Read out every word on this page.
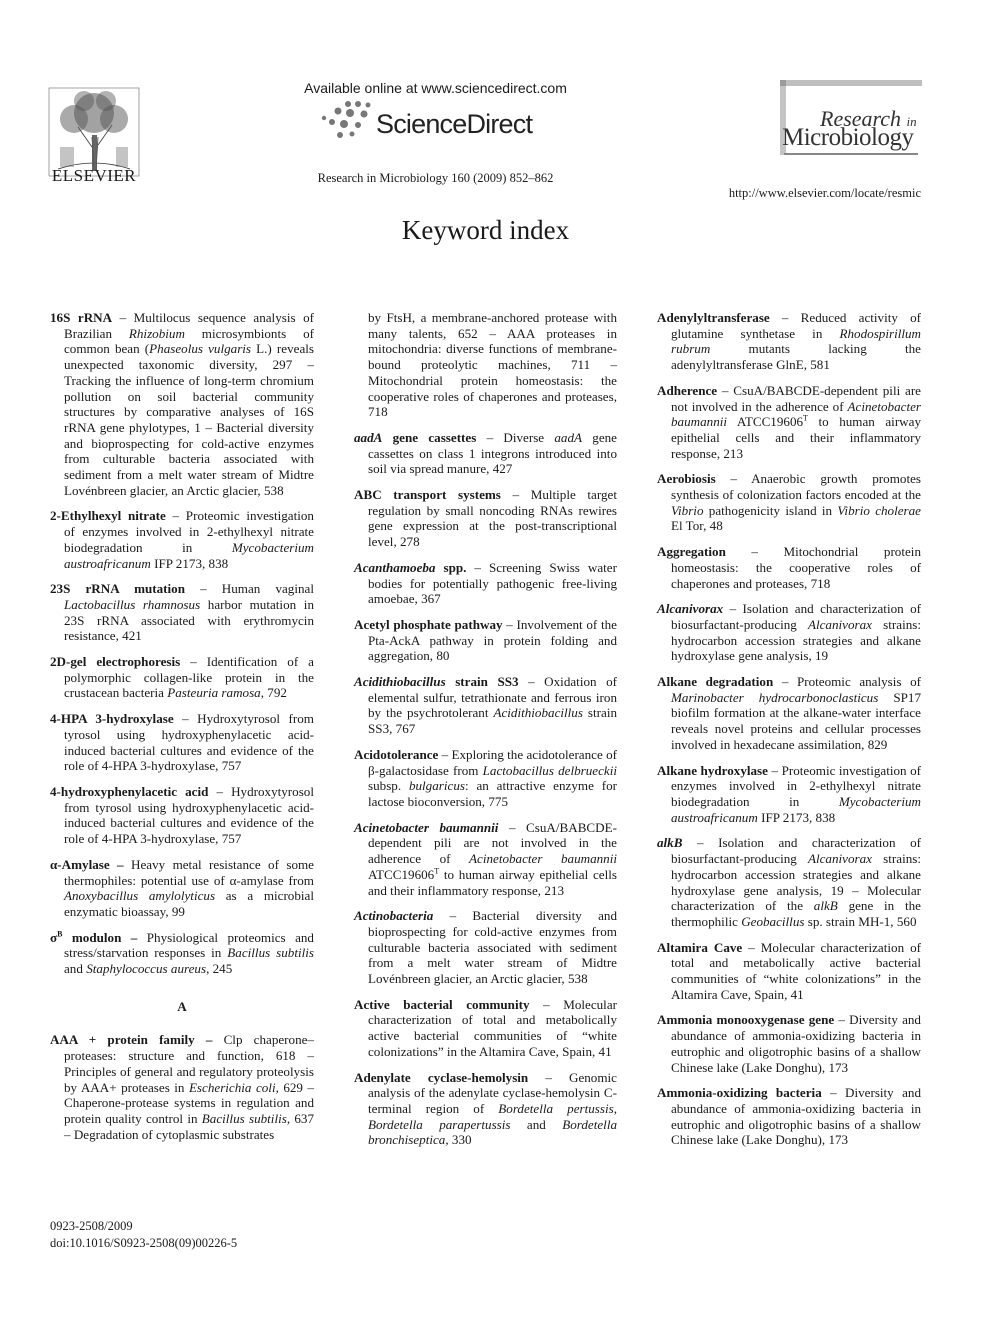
ELSEVIER
Available online at www.sciencedirect.com
ScienceDirect
Research in Microbiology 160 (2009) 852–862
Research in
Microbiology
http://www.elsevier.com/locate/resmic
Keyword index

16S rRNA – Multilocus sequence analysis of Brazilian Rhizobium microsymbionts of common bean (Phaseolus vulgaris L.) reveals unexpected taxonomic diversity, 297 – Tracking the influence of long-term chromium pollution on soil bacterial community structures by comparative analyses of 16S rRNA gene phylotypes, 1 – Bacterial diversity and bioprospecting for cold-active enzymes from culturable bacteria associated with sediment from a melt water stream of Midtre Lovénbreen glacier, an Arctic glacier, 538

2-Ethylhexyl nitrate – Proteomic investigation of enzymes involved in 2-ethylhexyl nitrate biodegradation in Mycobacterium austroafricanum IFP 2173, 838

23S rRNA mutation – Human vaginal Lactobacillus rhamnosus harbor mutation in 23S rRNA associated with erythromycin resistance, 421

2D-gel electrophoresis – Identification of a polymorphic collagen-like protein in the crustacean bacteria Pasteuria ramosa, 792

4-HPA 3-hydroxylase – Hydroxytyrosol from tyrosol using hydroxyphenylacetic acid-induced bacterial cultures and evidence of the role of 4-HPA 3-hydroxylase, 757

4-hydroxyphenylacetic acid – Hydroxytyrosol from tyrosol using hydroxyphenylacetic acid-induced bacterial cultures and evidence of the role of 4-HPA 3-hydroxylase, 757

α-Amylase – Heavy metal resistance of some thermophiles: potential use of α-amylase from Anoxybacillus amylolyticus as a microbial enzymatic bioassay, 99

$\sigma^B$ modulon – Physiological proteomics and stress/starvation responses in Bacillus subtilis and Staphylococcus aureus, 245

A

AAA + protein family – Clp chaperone–proteases: structure and function, 618 – Principles of general and regulatory proteolysis by AAA+ proteases in Escherichia coli, 629 – Chaperone-protease systems in regulation and protein quality control in Bacillus subtilis, 637 – Degradation of cytoplasmic substrates

by FtsH, a membrane-anchored protease with many talents, 652 – AAA proteases in mitochondria: diverse functions of membrane-bound proteolytic machines, 711 – Mitochondrial protein homeostasis: the cooperative roles of chaperones and proteases, 718

aadA gene cassettes – Diverse aadA gene cassettes on class 1 integrons introduced into soil via spread manure, 427

ABC transport systems – Multiple target regulation by small noncoding RNAs rewires gene expression at the post-transcriptional level, 278

Acanthamoeba spp. – Screening Swiss water bodies for potentially pathogenic free-living amoebae, 367

Acetyl phosphate pathway – Involvement of the Pta-AckA pathway in protein folding and aggregation, 80

Acidithiobacillus strain SS3 – Oxidation of elemental sulfur, tetrathionate and ferrous iron by the psychrotolerant Acidithiobacillus strain SS3, 767

Acidotolerance – Exploring the acidotolerance of β-galactosidase from Lactobacillus delbrueckii subsp. bulgaricus: an attractive enzyme for lactose bioconversion, 775

Acinetobacter baumannii – CsuA/BABCDE-dependent pili are not involved in the adherence of Acinetobacter baumannii $ATCC19606^T$ to human airway epithelial cells and their inflammatory response, 213

Actinobacteria – Bacterial diversity and bioprospecting for cold-active enzymes from culturable bacteria associated with sediment from a melt water stream of Midtre Lovénbreen glacier, an Arctic glacier, 538

Active bacterial community – Molecular characterization of total and metabolically active bacterial communities of “white colonizations” in the Altamira Cave, Spain, 41

Adenylate cyclase-hemolysin – Genomic analysis of the adenylate cyclase-hemolysin C-terminal region of Bordetella pertussis, Bordetella parapertussis and Bordetella bronchiseptica, 330

Adenylyltransferase – Reduced activity of glutamine synthetase in Rhodospirillum rubrum mutants lacking the adenylyltransferase GlnE, 581

Adherence – CsuA/BABCDE-dependent pili are not involved in the adherence of Acinetobacter baumannii $ATCC19606^T$ to human airway epithelial cells and their inflammatory response, 213

Aerobiosis – Anaerobic growth promotes synthesis of colonization factors encoded at the Vibrio pathogenicity island in Vibrio cholerae El Tor, 48

Aggregation – Mitochondrial protein homeostasis: the cooperative roles of chaperones and proteases, 718

Alcanivorax – Isolation and characterization of biosurfactant-producing Alcanivorax strains: hydrocarbon accession strategies and alkane hydroxylase gene analysis, 19

Alkane degradation – Proteomic analysis of Marinobacter hydrocarbonoclasticus SP17 biofilm formation at the alkane-water interface reveals novel proteins and cellular processes involved in hexadecane assimilation, 829

Alkane hydroxylase – Proteomic investigation of enzymes involved in 2-ethylhexyl nitrate biodegradation in Mycobacterium austroafricanum IFP 2173, 838

alkB – Isolation and characterization of biosurfactant-producing Alcanivorax strains: hydrocarbon accession strategies and alkane hydroxylase gene analysis, 19 – Molecular characterization of the alkB gene in the thermophilic Geobacillus sp. strain MH-1, 560

Altamira Cave – Molecular characterization of total and metabolically active bacterial communities of “white colonizations” in the Altamira Cave, Spain, 41

Ammonia monooxygenase gene – Diversity and abundance of ammonia-oxidizing bacteria in eutrophic and oligotrophic basins of a shallow Chinese lake (Lake Donghu), 173

Ammonia-oxidizing bacteria – Diversity and abundance of ammonia-oxidizing bacteria in eutrophic and oligotrophic basins of a shallow Chinese lake (Lake Donghu), 173

0923-2508/2009
doi:10.1016/S0923-2508(09)00226-5
